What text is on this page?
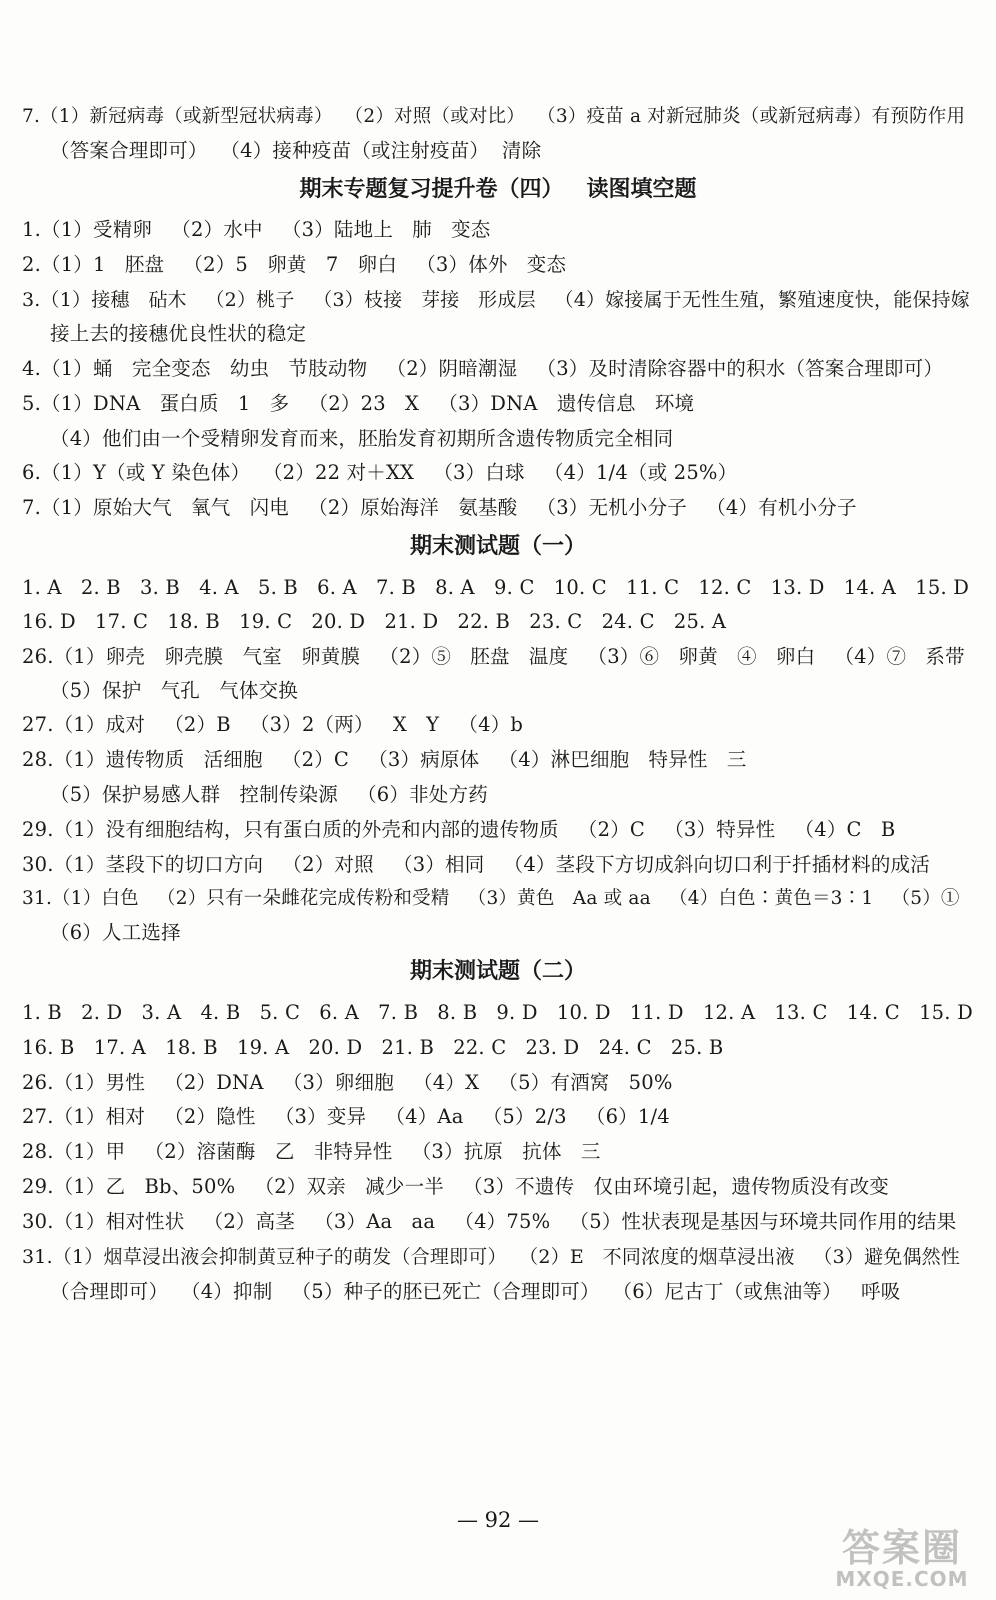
7.（1）新冠病毒（或新型冠状病毒）  （2）对照（或对比）  （3）疫苗 a 对新冠肺炎（或新冠病毒）有预防作用
（答案合理即可）  （4）接种疫苗（或注射疫苗）  清除
期末专题复习提升卷（四）   读图填空题
1.（1）受精卵   （2）水中   （3）陆地上   肺   变态
2.（1）1   胚盘   （2）5   卵黄   7   卵白   （3）体外   变态
3.（1）接穗   砧木   （2）桃子   （3）枝接   芽接   形成层   （4）嫁接属于无性生殖，繁殖速度快，能保持嫁
接上去的接穗优良性状的稳定
4.（1）蛹   完全变态   幼虫   节肢动物   （2）阴暗潮湿   （3）及时清除容器中的积水（答案合理即可）
5.（1）DNA   蛋白质   1   多   （2）23   X   （3）DNA   遗传信息   环境
（4）他们由一个受精卵发育而来，胚胎发育初期所含遗传物质完全相同
6.（1）Y（或 Y 染色体）  （2）22 对＋XX   （3）白球   （4）1/4（或 25%）
7.（1）原始大气   氧气   闪电   （2）原始海洋   氨基酸   （3）无机小分子   （4）有机小分子
期末测试题（一）
1. A   2. B   3. B   4. A   5. B   6. A   7. B   8. A   9. C   10. C   11. C   12. C   13. D   14. A   15. D
16. D   17. C   18. B   19. C   20. D   21. D   22. B   23. C   24. C   25. A
26.（1）卵壳   卵壳膜   气室   卵黄膜   （2）⑤   胚盘   温度   （3）⑥   卵黄   ④   卵白   （4）⑦   系带
（5）保护   气孔   气体交换
27.（1）成对   （2）B   （3）2（两）   X   Y   （4）b
28.（1）遗传物质   活细胞   （2）C   （3）病原体   （4）淋巴细胞   特异性   三
（5）保护易感人群   控制传染源   （6）非处方药
29.（1）没有细胞结构，只有蛋白质的外壳和内部的遗传物质   （2）C   （3）特异性   （4）C   B
30.（1）茎段下的切口方向   （2）对照   （3）相同   （4）茎段下方切成斜向切口利于扦插材料的成活
31.（1）白色   （2）只有一朵雌花完成传粉和受精   （3）黄色   Aa 或 aa   （4）白色∶黄色＝3∶1   （5）①
（6）人工选择
期末测试题（二）
1. B   2. D   3. A   4. B   5. C   6. A   7. B   8. B   9. D   10. D   11. D   12. A   13. C   14. C   15. D
16. B   17. A   18. B   19. A   20. D   21. B   22. C   23. D   24. C   25. B
26.（1）男性   （2）DNA   （3）卵细胞   （4）X   （5）有酒窝   50%
27.（1）相对   （2）隐性   （3）变异   （4）Aa   （5）2/3   （6）1/4
28.（1）甲   （2）溶菌酶   乙   非特异性   （3）抗原   抗体   三
29.（1）乙   Bb、50%   （2）双亲   减少一半   （3）不遗传   仅由环境引起，遗传物质没有改变
30.（1）相对性状   （2）高茎   （3）Aa   aa   （4）75%   （5）性状表现是基因与环境共同作用的结果
31.（1）烟草浸出液会抑制黄豆种子的萌发（合理即可）  （2）E   不同浓度的烟草浸出液   （3）避免偶然性
（合理即可）  （4）抑制   （5）种子的胚已死亡（合理即可）  （6）尼古丁（或焦油等）   呼吸
— 92 —
答案圈
MXQE.COM
